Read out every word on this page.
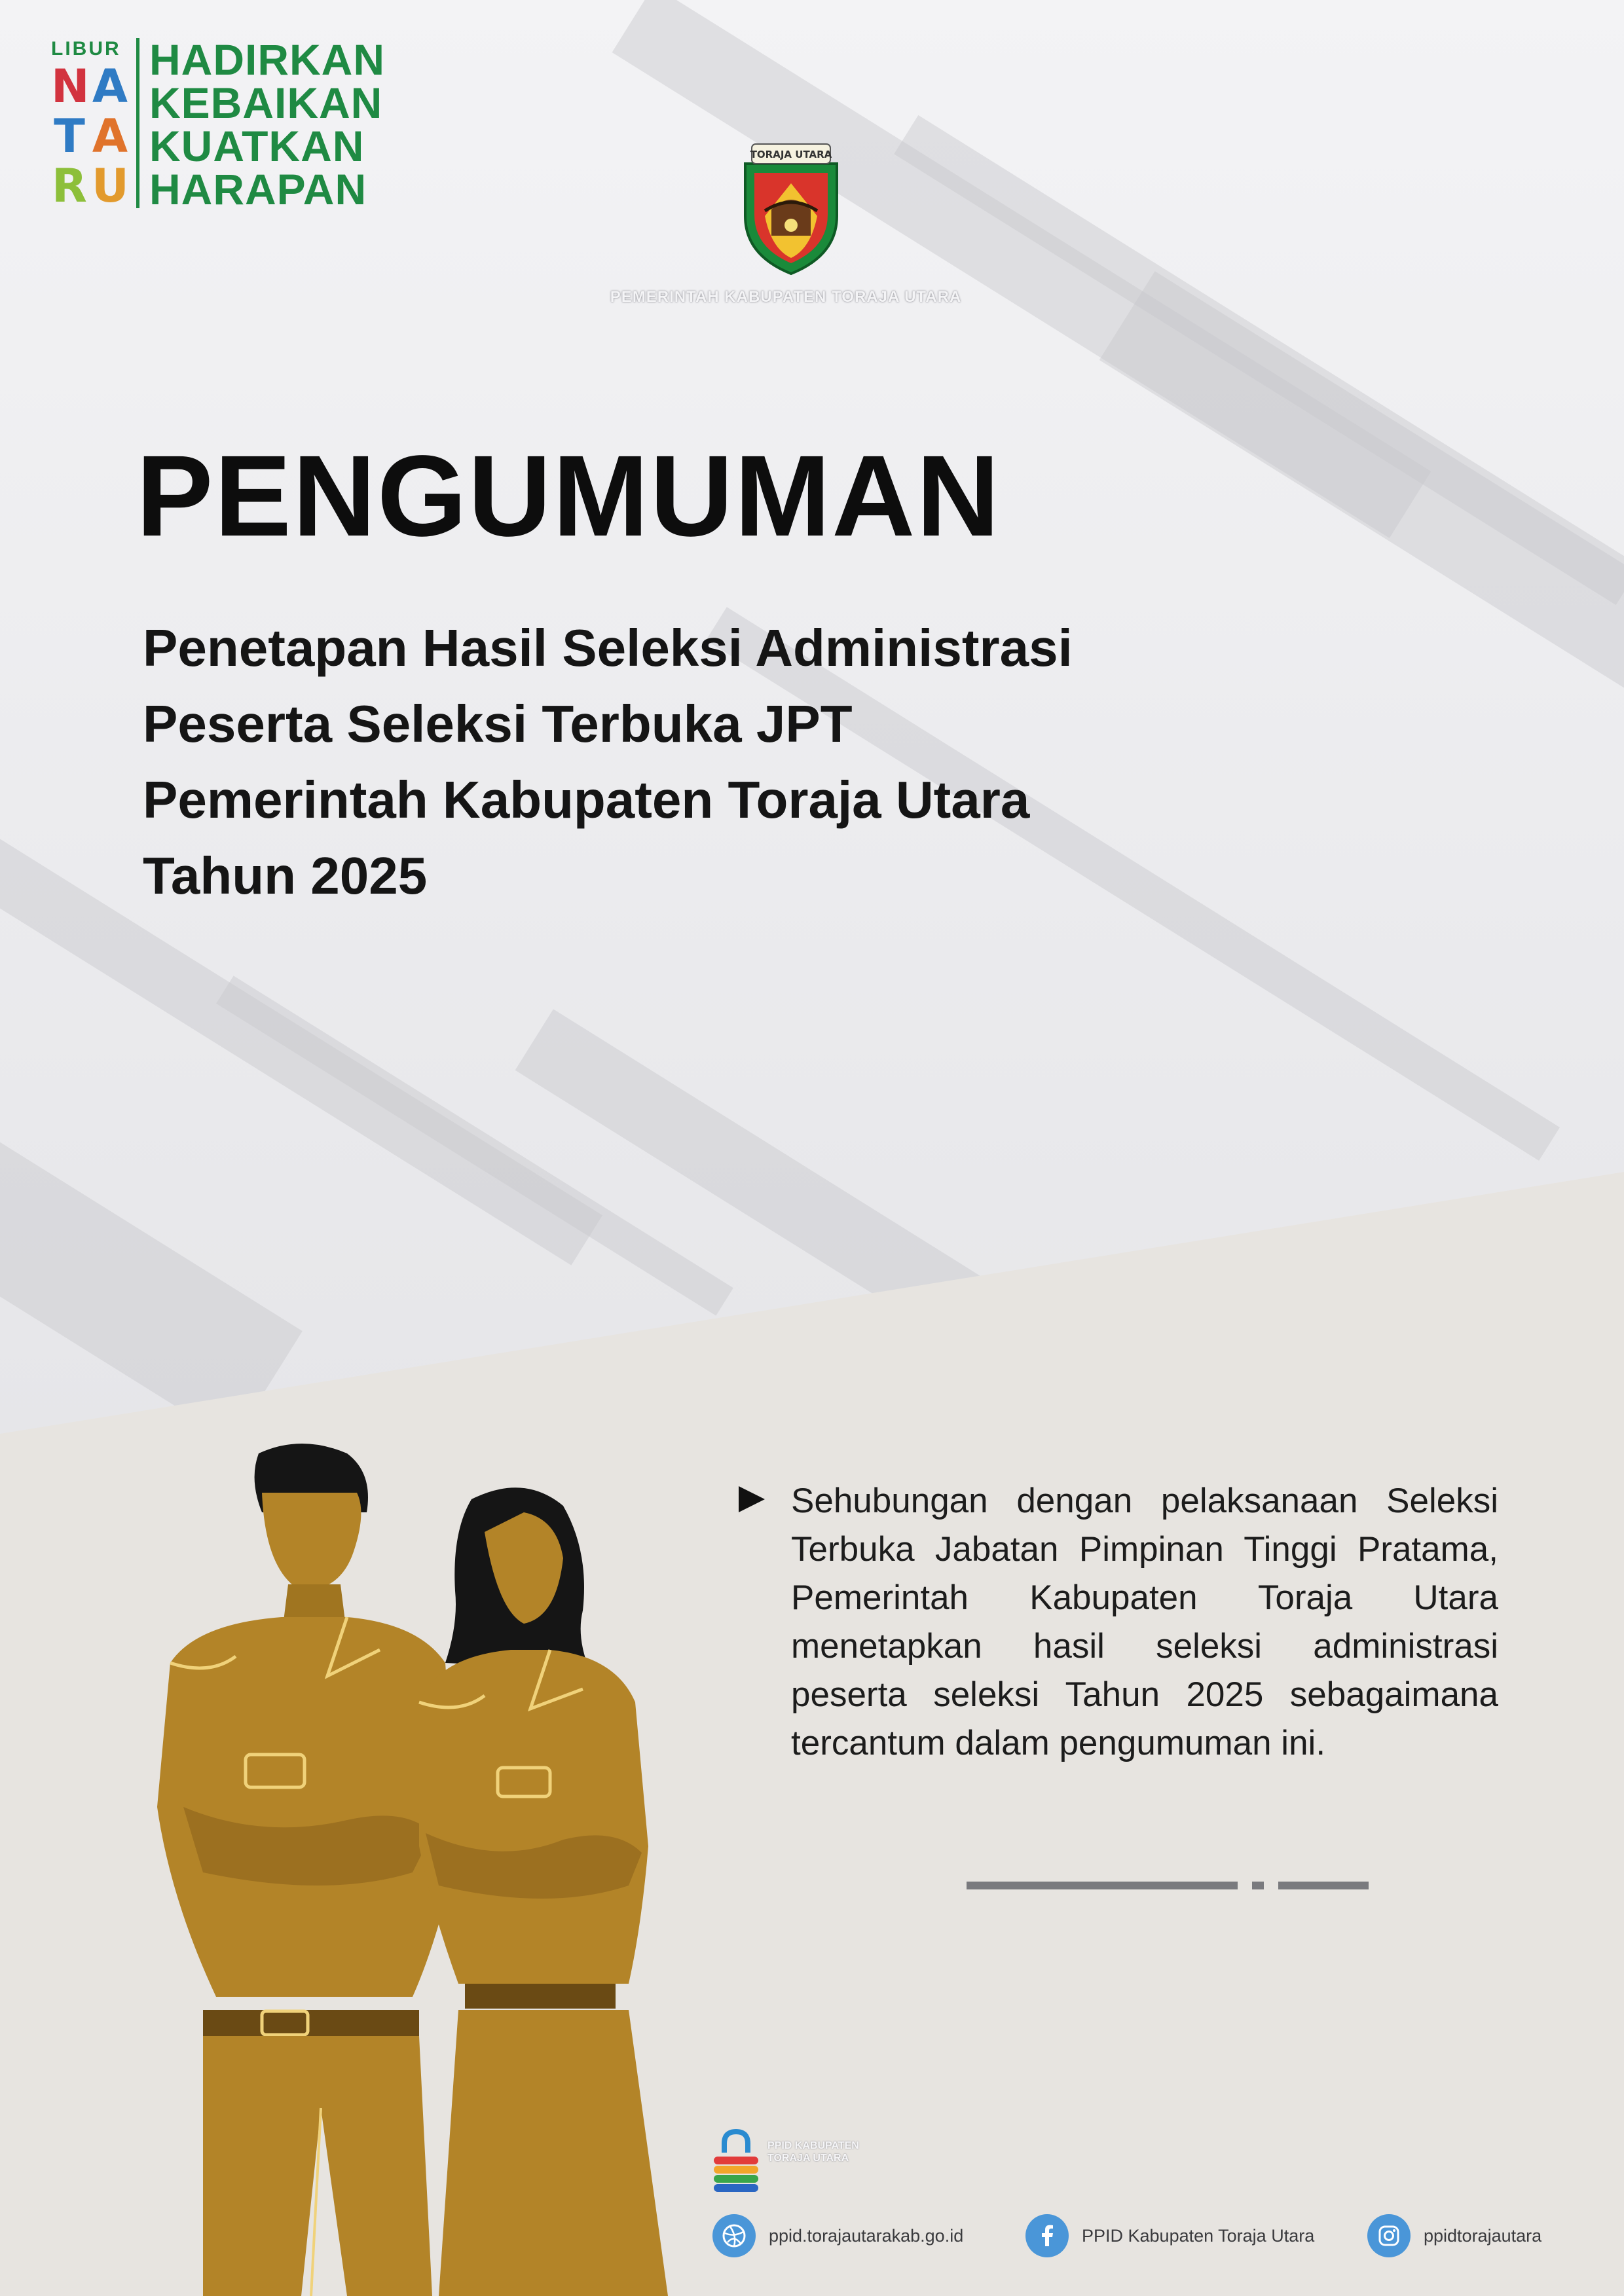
LIBUR
N A
T A
R U
HADIRKAN
KEBAIKAN
KUATKAN
HARAPAN
TORAJA UTARA
PEMERINTAH KABUPATEN TORAJA UTARA
PENGUMUMAN
Penetapan Hasil Seleksi Administrasi
Peserta Seleksi Terbuka JPT
Pemerintah Kabupaten Toraja Utara
Tahun 2025
Sehubungan dengan pelaksanaan Seleksi Terbuka Jabatan Pimpinan Tinggi Pratama, Pemerintah Kabupaten Toraja Utara menetapkan hasil seleksi administrasi peserta seleksi Tahun 2025 sebagaimana tercantum dalam pengumuman ini.
PPID KABUPATEN TORAJA UTARA
ppid.torajautarakab.go.id	PPID Kabupaten Toraja Utara	ppidtorajautara
